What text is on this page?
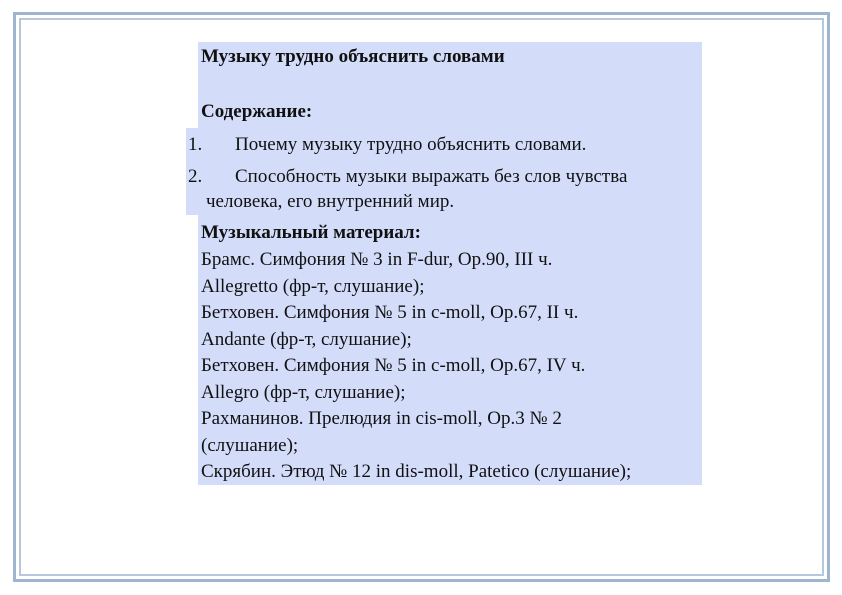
Музыку трудно объяснить словами
Содержание:
1. Почему музыку трудно объяснить словами.
2. Способность музыки выражать без слов чувства
человека, его внутренний мир.
Музыкальный материал:
Брамс. Симфония № 3 in F-dur, Op.90, III ч.
Allegretto (фр-т, слушание);
Бетховен. Симфония № 5 in c-moll, Op.67, II ч.
Andante (фр-т, слушание);
Бетховен. Симфония № 5 in c-moll, Op.67, IV ч.
Allegro (фр-т, слушание);
Рахманинов. Прелюдия in cis-moll, Op.3 № 2
(слушание);
Скрябин. Этюд № 12 in dis-moll, Patetico (слушание);
